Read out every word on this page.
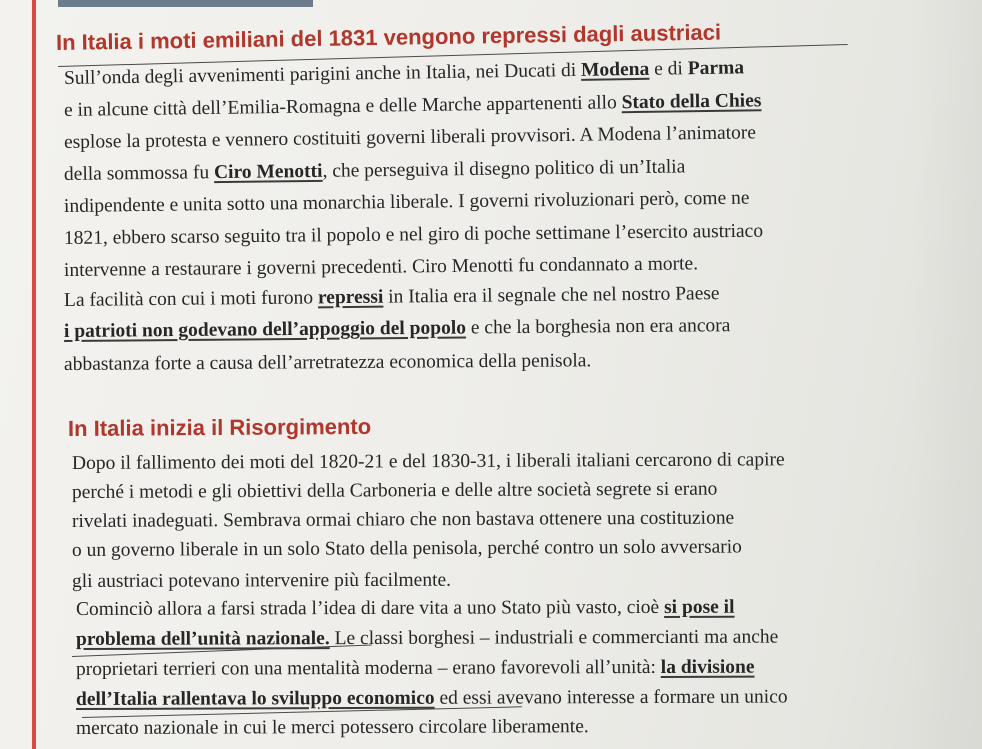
In Italia i moti emiliani del 1831 vengono repressi dagli austriaci

Sull’onda degli avvenimenti parigini anche in Italia, nei Ducati di Modena e di Parma

e in alcune città dell’Emilia-Romagna e delle Marche appartenenti allo Stato della Chies

esplose la protesta e vennero costituiti governi liberali provvisori. A Modena l’animatore

della sommossa fu Ciro Menotti, che perseguiva il disegno politico di un’Italia

indipendente e unita sotto una monarchia liberale. I governi rivoluzionari però, come ne

1821, ebbero scarso seguito tra il popolo e nel giro di poche settimane l’esercito austriaco

intervenne a restaurare i governi precedenti. Ciro Menotti fu condannato a morte.

La facilità con cui i moti furono repressi in Italia era il segnale che nel nostro Paese

i patrioti non godevano dell’appoggio del popolo e che la borghesia non era ancora

abbastanza forte a causa dell’arretratezza economica della penisola.

In Italia inizia il Risorgimento

Dopo il fallimento dei moti del 1820-21 e del 1830-31, i liberali italiani cercarono di capire

perché i metodi e gli obiettivi della Carboneria e delle altre società segrete si erano

rivelati inadeguati. Sembrava ormai chiaro che non bastava ottenere una costituzione

o un governo liberale in un solo Stato della penisola, perché contro un solo avversario

gli austriaci potevano intervenire più facilmente.

Cominciò allora a farsi strada l’idea di dare vita a uno Stato più vasto, cioè si pose il

problema dell’unità nazionale. Le classi borghesi – industriali e commercianti ma anche

proprietari terrieri con una mentalità moderna – erano favorevoli all’unità: la divisione

dell’Italia rallentava lo sviluppo economico ed essi avevano interesse a formare un unico

mercato nazionale in cui le merci potessero circolare liberamente.
